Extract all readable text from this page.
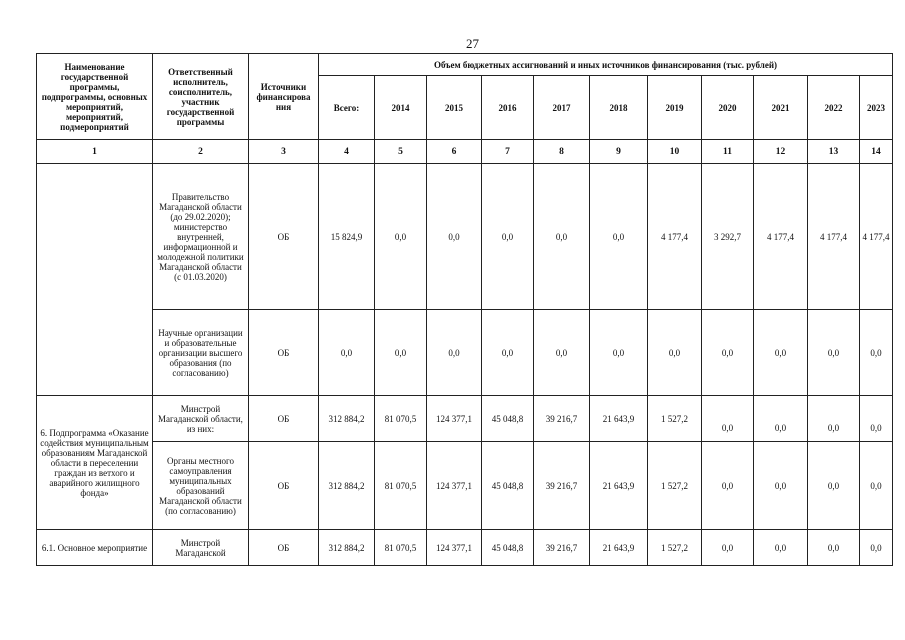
27
Наименование государственной программы, подпрограммы, основных мероприятий, мероприятий, подмероприятий	Ответственный исполнитель, соисполнитель, участник государственной программы	Источники финансирова ния	Объем бюджетных ассигнований и иных источников финансирования (тыс. рублей)										
			Всего:	2014	2015	2016	2017	2018	2019	2020	2021	2022	2023
1	2	3	4	5	6	7	8	9	10	11	12	13	14
	Правительство Магаданской области (до 29.02.2020); министерство внутренней, информационной и молодежной политики Магаданской области (с 01.03.2020)	ОБ	15 824,9	0,0	0,0	0,0	0,0	0,0	4 177,4	3 292,7	4 177,4	4 177,4	4 177,4
	Научные организации и образовательные организации высшего образования (по согласованию)	ОБ	0,0	0,0	0,0	0,0	0,0	0,0	0,0	0,0	0,0	0,0	0,0
6. Подпрограмма «Оказание содействия муниципальным образованиям Магаданской области в переселении граждан из ветхого и аварийного жилищного фонда»	Минстрой Магаданской области, из них:	ОБ	312 884,2	81 070,5	124 377,1	45 048,8	39 216,7	21 643,9	1 527,2	0,0	0,0	0,0	0,0
	Органы местного самоуправления муниципальных образований Магаданской области (по согласованию)	ОБ	312 884,2	81 070,5	124 377,1	45 048,8	39 216,7	21 643,9	1 527,2	0,0	0,0	0,0	0,0
6.1. Основное мероприятие	Минстрой Магаданской	ОБ	312 884,2	81 070,5	124 377,1	45 048,8	39 216,7	21 643,9	1 527,2	0,0	0,0	0,0	0,0
